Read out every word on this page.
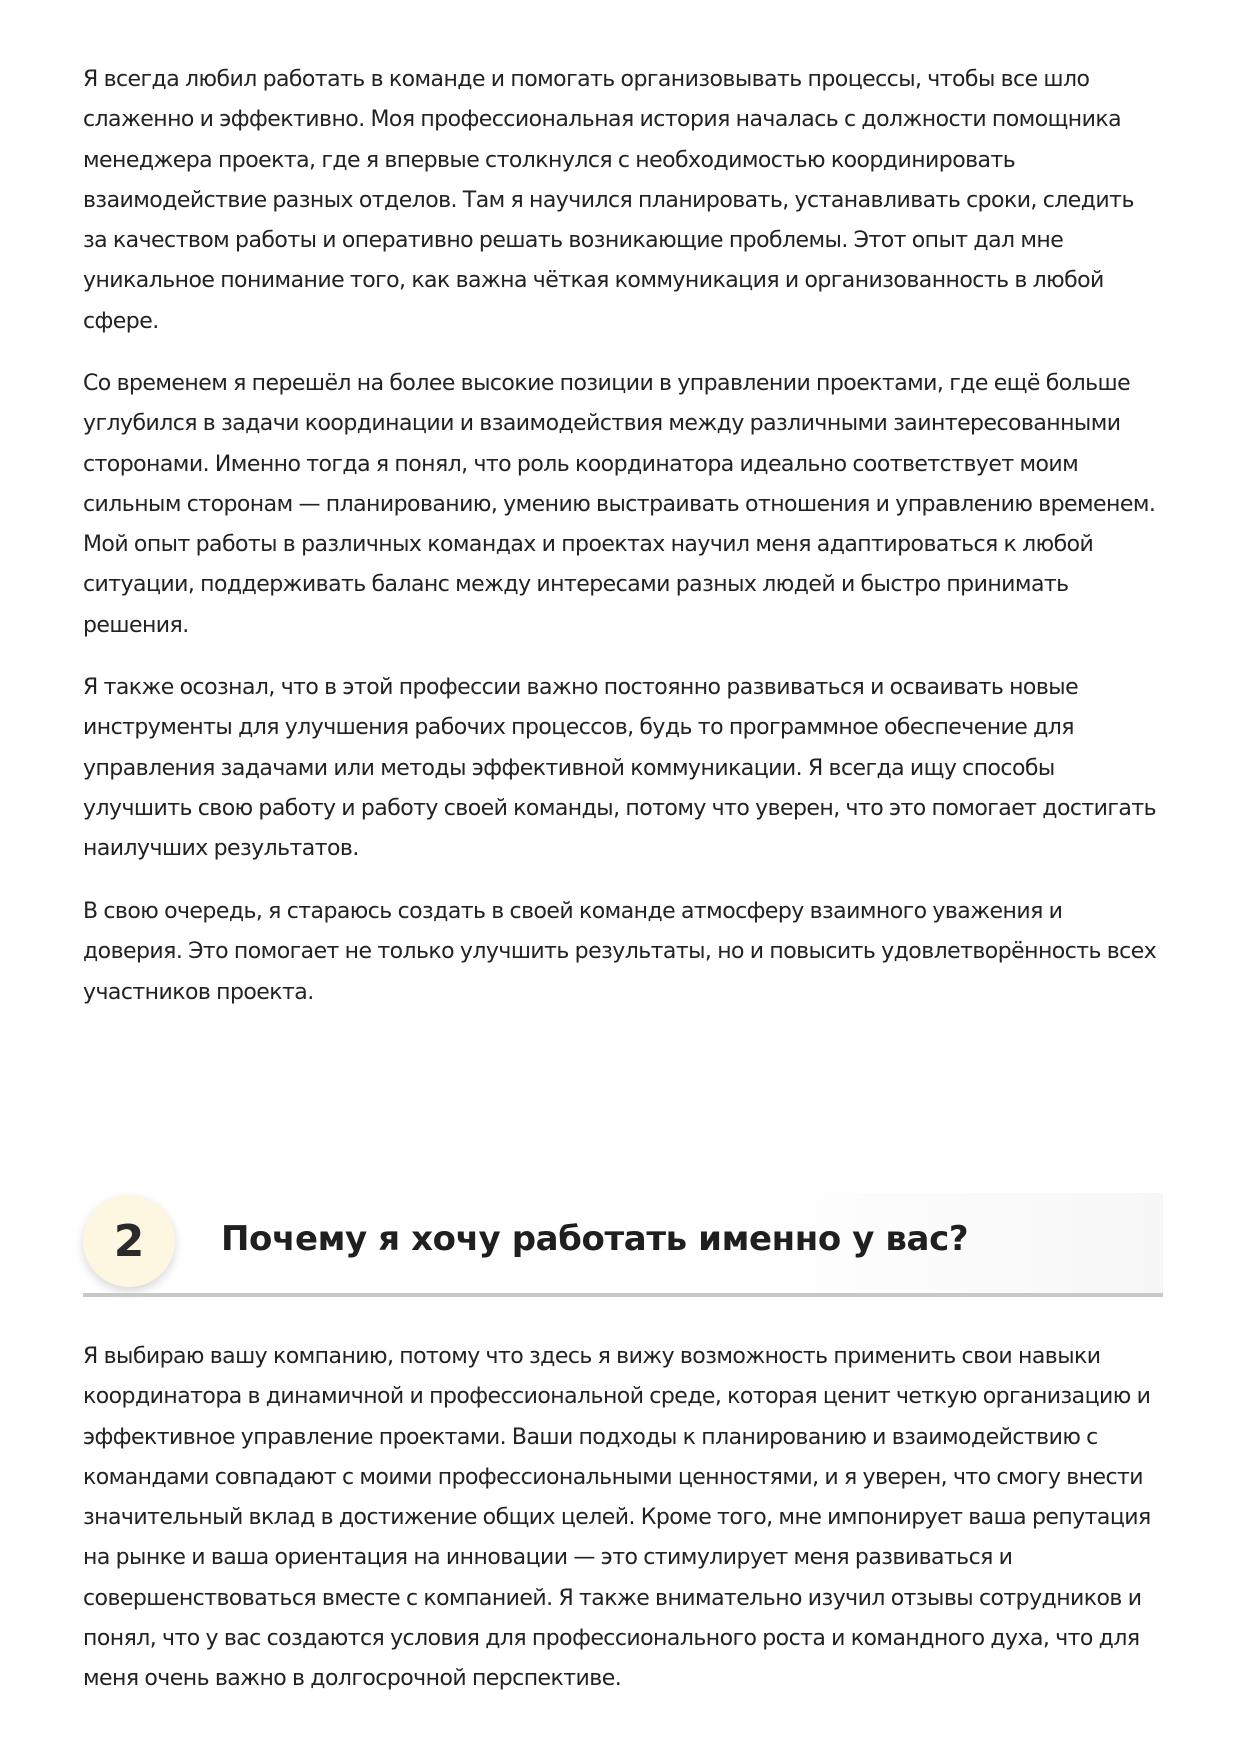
Я всегда любил работать в команде и помогать организовывать процессы, чтобы все шло слаженно и эффективно. Моя профессиональная история началась с должности помощника менеджера проекта, где я впервые столкнулся с необходимостью координировать взаимодействие разных отделов. Там я научился планировать, устанавливать сроки, следить за качеством работы и оперативно решать возникающие проблемы. Этот опыт дал мне уникальное понимание того, как важна чёткая коммуникация и организованность в любой сфере.

Со временем я перешёл на более высокие позиции в управлении проектами, где ещё больше углубился в задачи координации и взаимодействия между различными заинтересованными сторонами. Именно тогда я понял, что роль координатора идеально соответствует моим сильным сторонам — планированию, умению выстраивать отношения и управлению временем. Мой опыт работы в различных командах и проектах научил меня адаптироваться к любой ситуации, поддерживать баланс между интересами разных людей и быстро принимать решения.

Я также осознал, что в этой профессии важно постоянно развиваться и осваивать новые инструменты для улучшения рабочих процессов, будь то программное обеспечение для управления задачами или методы эффективной коммуникации. Я всегда ищу способы улучшить свою работу и работу своей команды, потому что уверен, что это помогает достигать наилучших результатов.

В свою очередь, я стараюсь создать в своей команде атмосферу взаимного уважения и доверия. Это помогает не только улучшить результаты, но и повысить удовлетворённость всех участников проекта.

Я выбираю вашу компанию, потому что здесь я вижу возможность применить свои навыки координатора в динамичной и профессиональной среде, которая ценит четкую организацию и эффективное управление проектами. Ваши подходы к планированию и взаимодействию с командами совпадают с моими профессиональными ценностями, и я уверен, что смогу внести значительный вклад в достижение общих целей. Кроме того, мне импонирует ваша репутация на рынке и ваша ориентация на инновации — это стимулирует меня развиваться и совершенствоваться вместе с компанией. Я также внимательно изучил отзывы сотрудников и понял, что у вас создаются условия для профессионального роста и командного духа, что для меня очень важно в долгосрочной перспективе.

2	Почему я хочу работать именно у вас?
